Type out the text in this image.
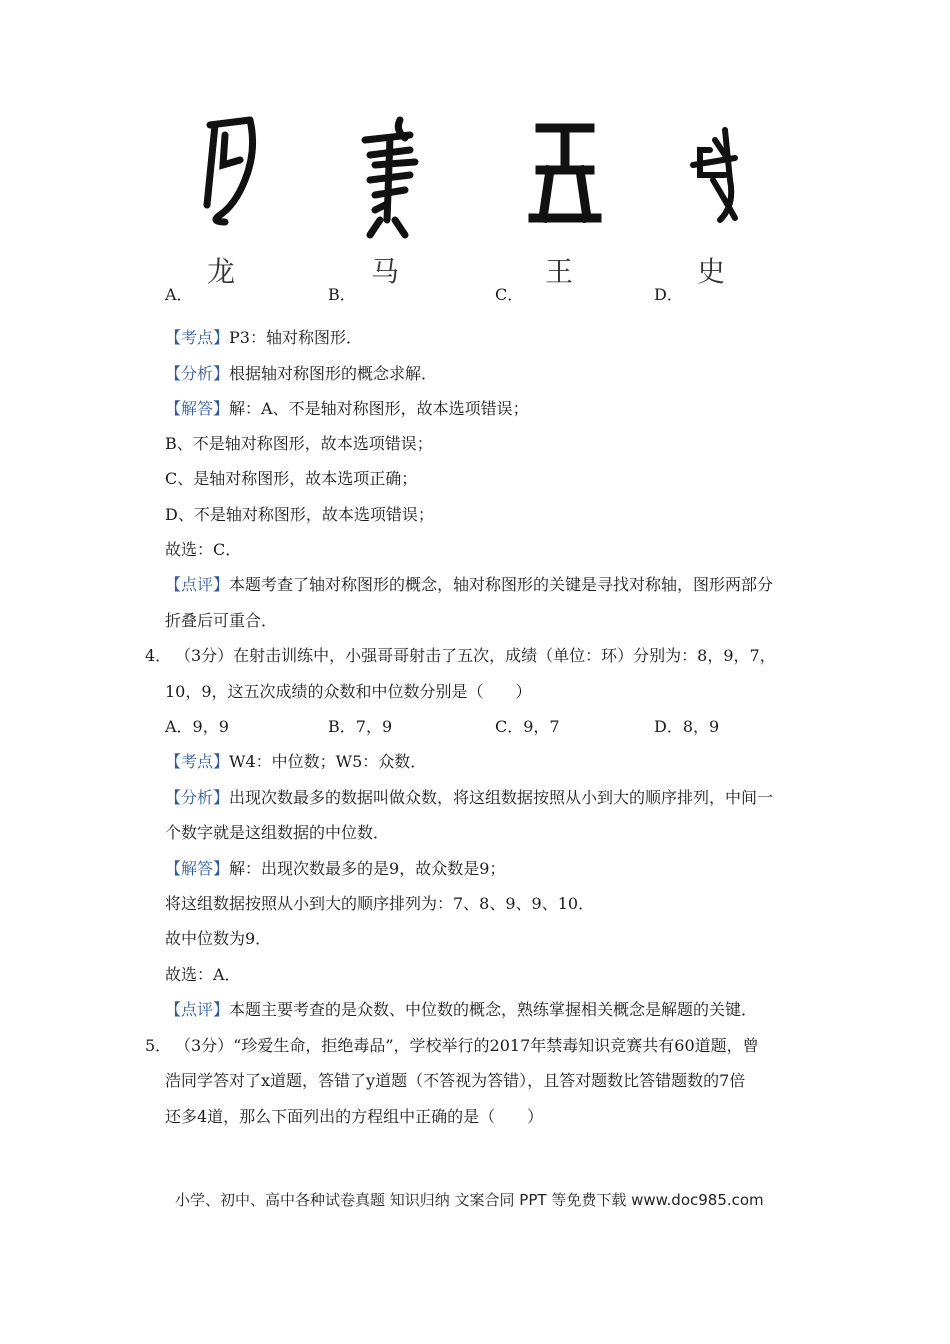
龙	马	王	史
A．	B．	C．	D．
【考点】P3：轴对称图形．
【分析】根据轴对称图形的概念求解．
【解答】解：A、不是轴对称图形，故本选项错误；
B、不是轴对称图形，故本选项错误；
C、是轴对称图形，故本选项正确；
D、不是轴对称图形，故本选项错误；
故选：C．
【点评】本题考查了轴对称图形的概念，轴对称图形的关键是寻找对称轴，图形两部分
折叠后可重合．
4． （3分）在射击训练中，小强哥哥射击了五次，成绩（单位：环）分别为：8，9，7，
10，9，这五次成绩的众数和中位数分别是（　　）
A．9，9	B．7，9	C．9，7	D．8，9
【考点】W4：中位数；W5：众数．
【分析】出现次数最多的数据叫做众数，将这组数据按照从小到大的顺序排列，中间一
个数字就是这组数据的中位数．
【解答】解：出现次数最多的是9，故众数是9；
将这组数据按照从小到大的顺序排列为：7、8、9、9、10．
故中位数为9．
故选：A．
【点评】本题主要考查的是众数、中位数的概念，熟练掌握相关概念是解题的关键．
5． （3分）“珍爱生命，拒绝毒品”，学校举行的2017年禁毒知识竞赛共有60道题，曾
浩同学答对了x道题，答错了y道题（不答视为答错），且答对题数比答错题数的7倍
还多4道，那么下面列出的方程组中正确的是（　　）
小学、初中、高中各种试卷真题 知识归纳 文案合同 PPT 等免费下载 www.doc985.com
